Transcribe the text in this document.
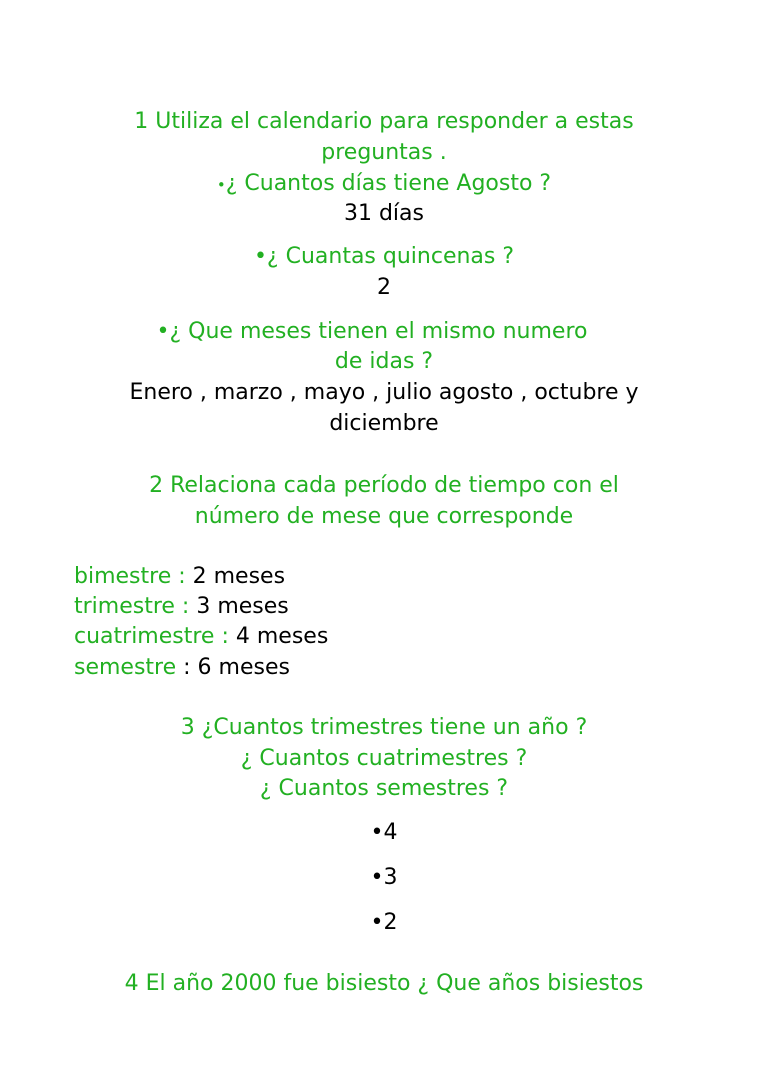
1 Utiliza el calendario para responder a estas
preguntas .
•¿ Cuantos días tiene Agosto ?
31 días
•¿ Cuantas quincenas ?
2
•¿ Que meses tienen el mismo numero
de idas ?
Enero , marzo , mayo , julio agosto , octubre y
diciembre
2 Relaciona cada período de tiempo con el
número de mese que corresponde
bimestre : 2 meses
trimestre : 3 meses
cuatrimestre : 4 meses
semestre : 6 meses
3 ¿Cuantos trimestres tiene un año ?
¿ Cuantos cuatrimestres ?
¿ Cuantos semestres ?
•4
•3
•2
4 El año 2000 fue bisiesto ¿ Que años bisiestos
